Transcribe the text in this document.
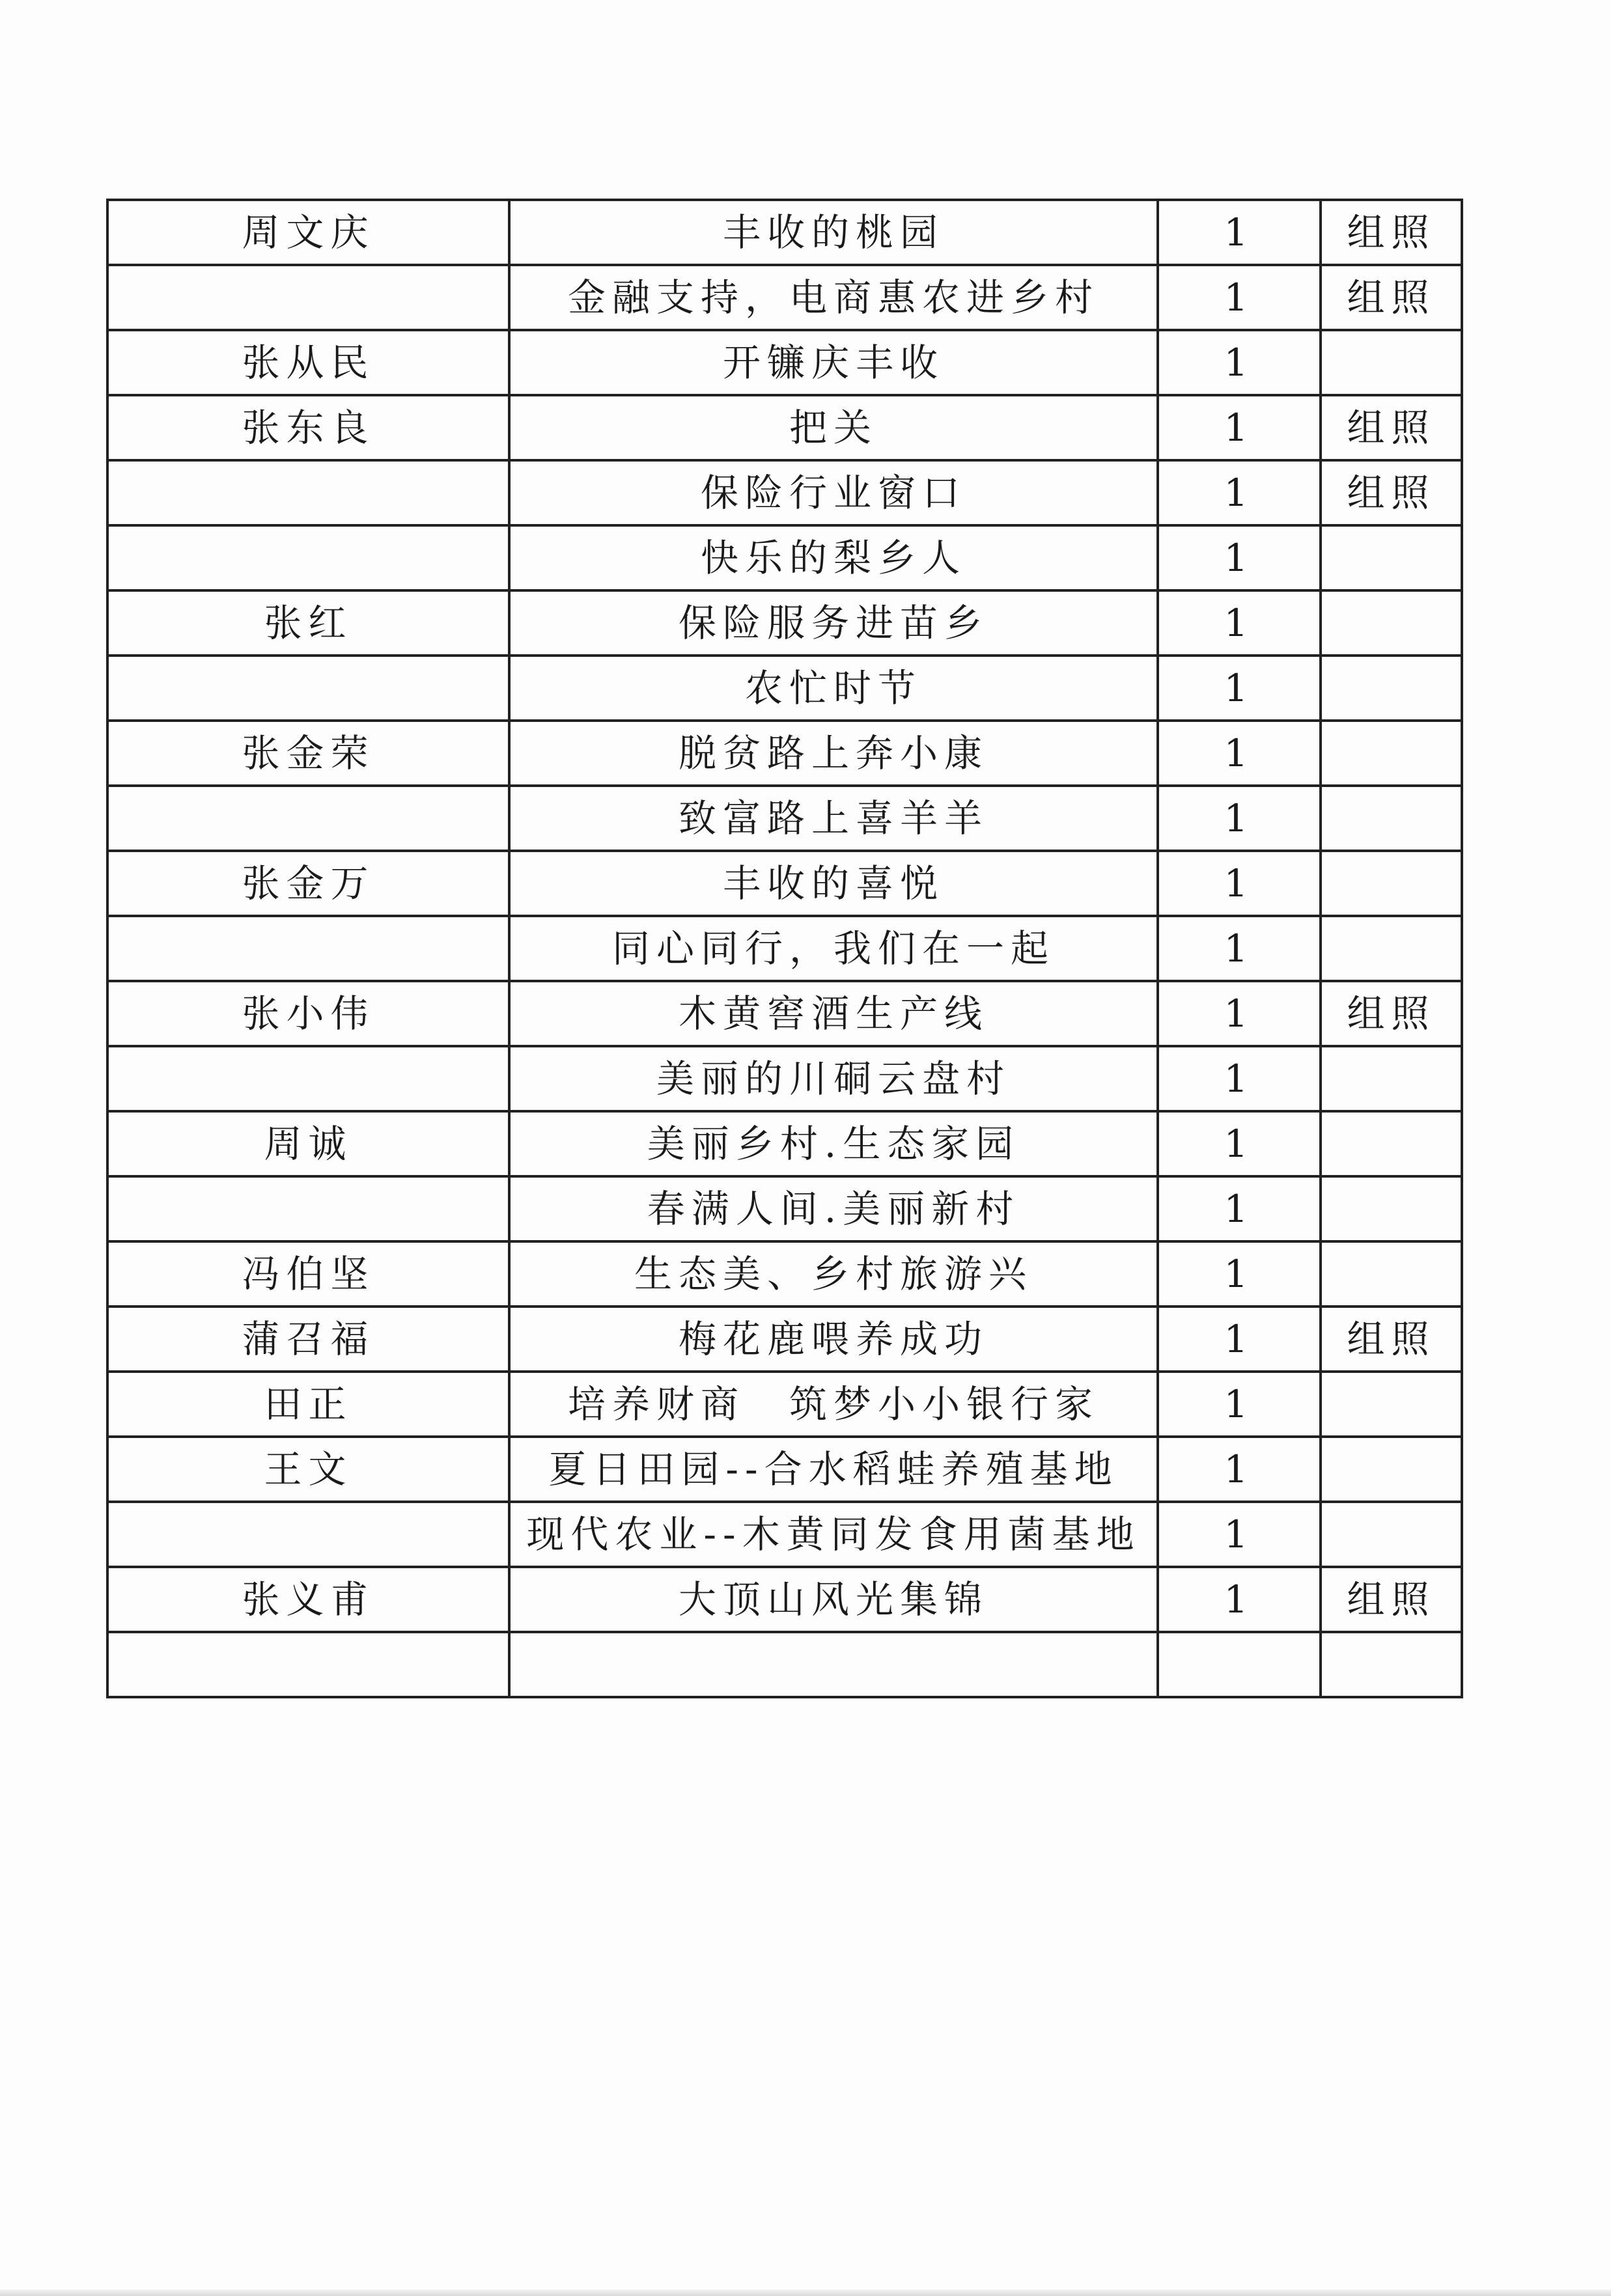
周文庆	丰收的桃园	1	组照
	金融支持，电商惠农进乡村	1	组照
张从民	开镰庆丰收	1	
张东良	把关	1	组照
	保险行业窗口	1	组照
	快乐的梨乡人	1	
张红	保险服务进苗乡	1	
	农忙时节	1	
张金荣	脱贫路上奔小康	1	
	致富路上喜羊羊	1	
张金万	丰收的喜悦	1	
	同心同行，我们在一起	1	
张小伟	木黄窖酒生产线	1	组照
	美丽的川硐云盘村	1	
周诚	美丽乡村.生态家园	1	
	春满人间.美丽新村	1	
冯伯坚	生态美、乡村旅游兴	1	
蒲召福	梅花鹿喂养成功	1	组照
田正	培养财商　筑梦小小银行家	1	
王文	夏日田园--合水稻蛙养殖基地	1	
	现代农业--木黄同发食用菌基地	1	
张义甫	大顶山风光集锦	1	组照
